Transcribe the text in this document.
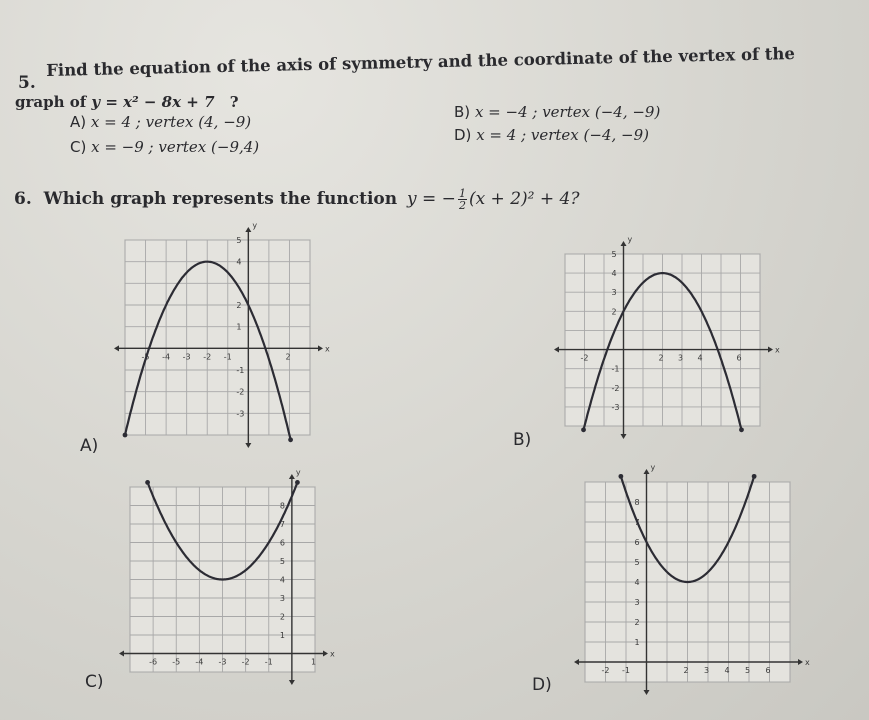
5.
Find the equation of the axis of symmetry and the coordinate of the vertex of the
graph of y = x² − 8x + 7 ?
A) x = 4 ; vertex (4, −9)
B) x = −4 ; vertex (−4, −9)
C) x = −9 ; vertex (−9,4)
D) x = 4 ; vertex (−4, −9)
6. Which graph represents the function y = − $\frac{1}{2} (x + 2)^2 + 4$?
x
y
-5 -4 -3 -2 -1	2
5
4
2
1
-1
-2
-3
A)
x
y
-2	2 3 4	6
5
4
3
2
-1
-2
-3
B)
x
y
-6 -5 -4 -3 -2 -1	1
8
7
6
5
4
3
2
1
C)
x
y
-2 -1	2 3 4 5 6
8
7
6
5
4
3
2
1
D)
